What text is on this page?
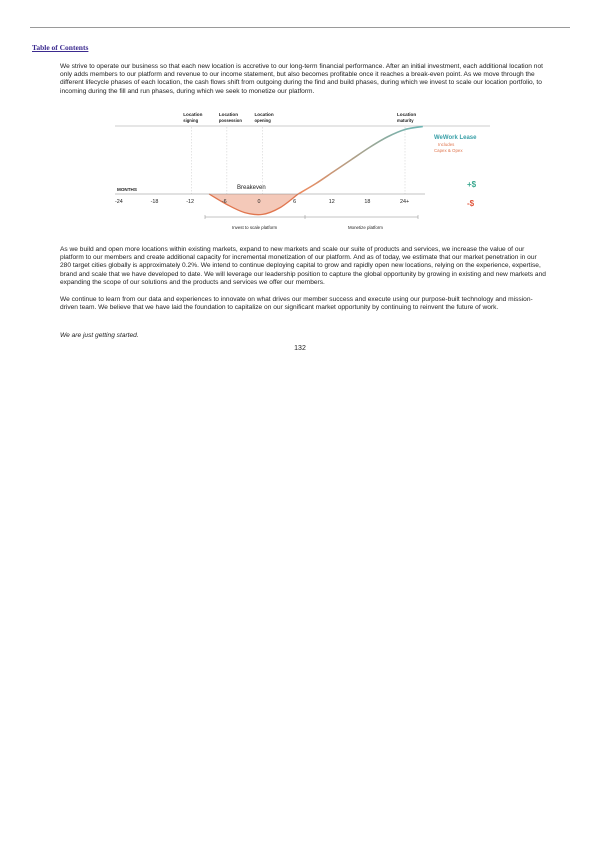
Table of Contents

We strive to operate our business so that each new location is accretive to our long-term financial performance. After an initial investment, each additional location not only adds members to our platform and revenue to our income statement, but also becomes profitable once it reaches a break-even point. As we move through the different lifecycle phases of each location, the cash flows shift from outgoing during the find and build phases, during which we invest to scale our location portfolio, to incoming during the fill and run phases, during which we seek to monetize our platform.

Location
signing
Location
possession
Location
opening
Location
maturity
MONTHS
-24	-18	-12	-6	0	6	12	18	24+
Breakeven	+$
-$
WeWork Lease
Includes
Capex & Opex
Invest to scale platform	Monetize platform

As we build and open more locations within existing markets, expand to new markets and scale our suite of products and services, we increase the value of our platform to our members and create additional capacity for incremental monetization of our platform. And as of today, we estimate that our market penetration in our 280 target cities globally is approximately 0.2%. We intend to continue deploying capital to grow and rapidly open new locations, relying on the experience, expertise, brand and scale that we have developed to date. We will leverage our leadership position to capture the global opportunity by growing in existing and new markets and expanding the scope of our solutions and the products and services we offer our members.

We continue to learn from our data and experiences to innovate on what drives our member success and execute using our purpose-built technology and mission-driven team. We believe that we have laid the foundation to capitalize on our significant market opportunity by continuing to reinvent the future of work.

We are just getting started.

132
